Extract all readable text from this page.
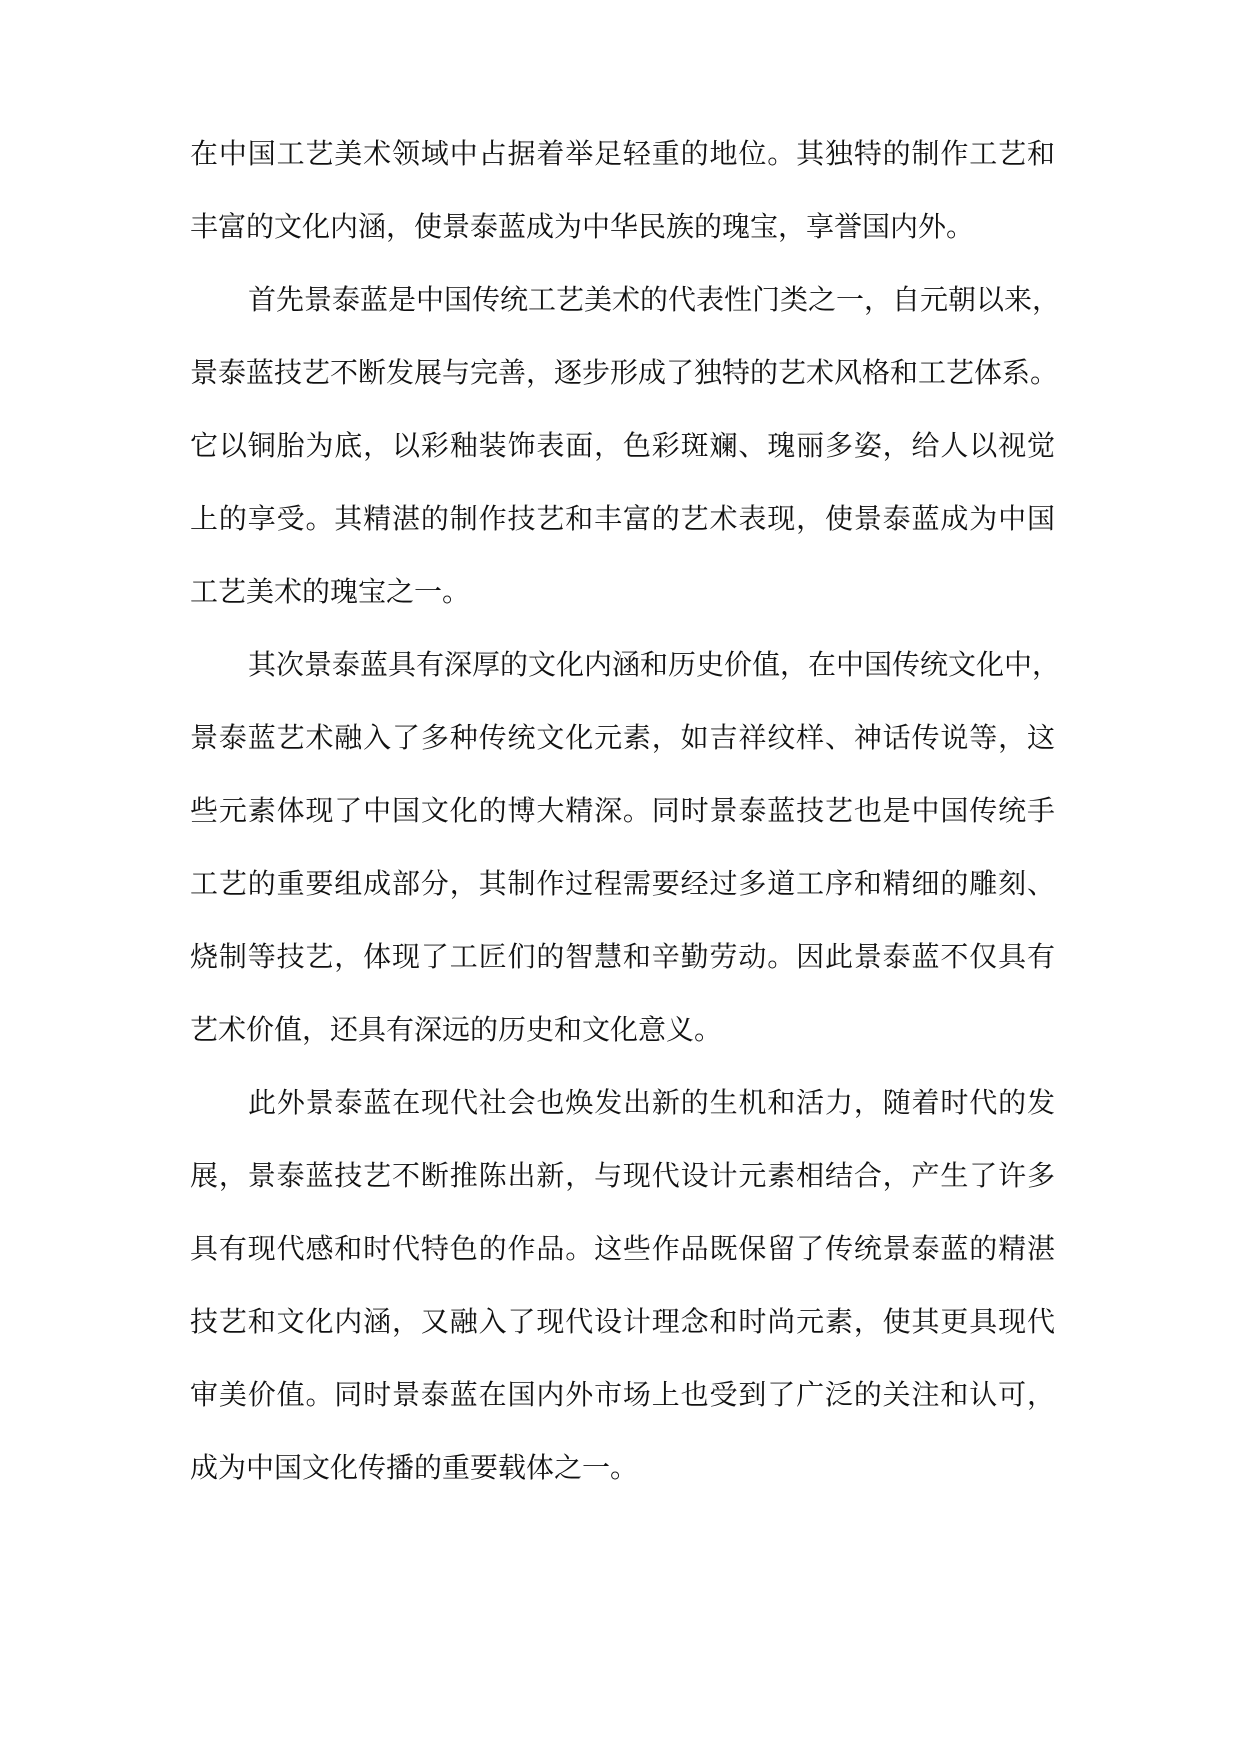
在中国工艺美术领域中占据着举足轻重的地位。其独特的制作工艺和
丰富的文化内涵，使景泰蓝成为中华民族的瑰宝，享誉国内外。
首先景泰蓝是中国传统工艺美术的代表性门类之一，自元朝以来，
景泰蓝技艺不断发展与完善，逐步形成了独特的艺术风格和工艺体系。
它以铜胎为底，以彩釉装饰表面，色彩斑斓、瑰丽多姿，给人以视觉
上的享受。其精湛的制作技艺和丰富的艺术表现，使景泰蓝成为中国
工艺美术的瑰宝之一。
其次景泰蓝具有深厚的文化内涵和历史价值，在中国传统文化中，
景泰蓝艺术融入了多种传统文化元素，如吉祥纹样、神话传说等，这
些元素体现了中国文化的博大精深。同时景泰蓝技艺也是中国传统手
工艺的重要组成部分，其制作过程需要经过多道工序和精细的雕刻、
烧制等技艺，体现了工匠们的智慧和辛勤劳动。因此景泰蓝不仅具有
艺术价值，还具有深远的历史和文化意义。
此外景泰蓝在现代社会也焕发出新的生机和活力，随着时代的发
展，景泰蓝技艺不断推陈出新，与现代设计元素相结合，产生了许多
具有现代感和时代特色的作品。这些作品既保留了传统景泰蓝的精湛
技艺和文化内涵，又融入了现代设计理念和时尚元素，使其更具现代
审美价值。同时景泰蓝在国内外市场上也受到了广泛的关注和认可，
成为中国文化传播的重要载体之一。
